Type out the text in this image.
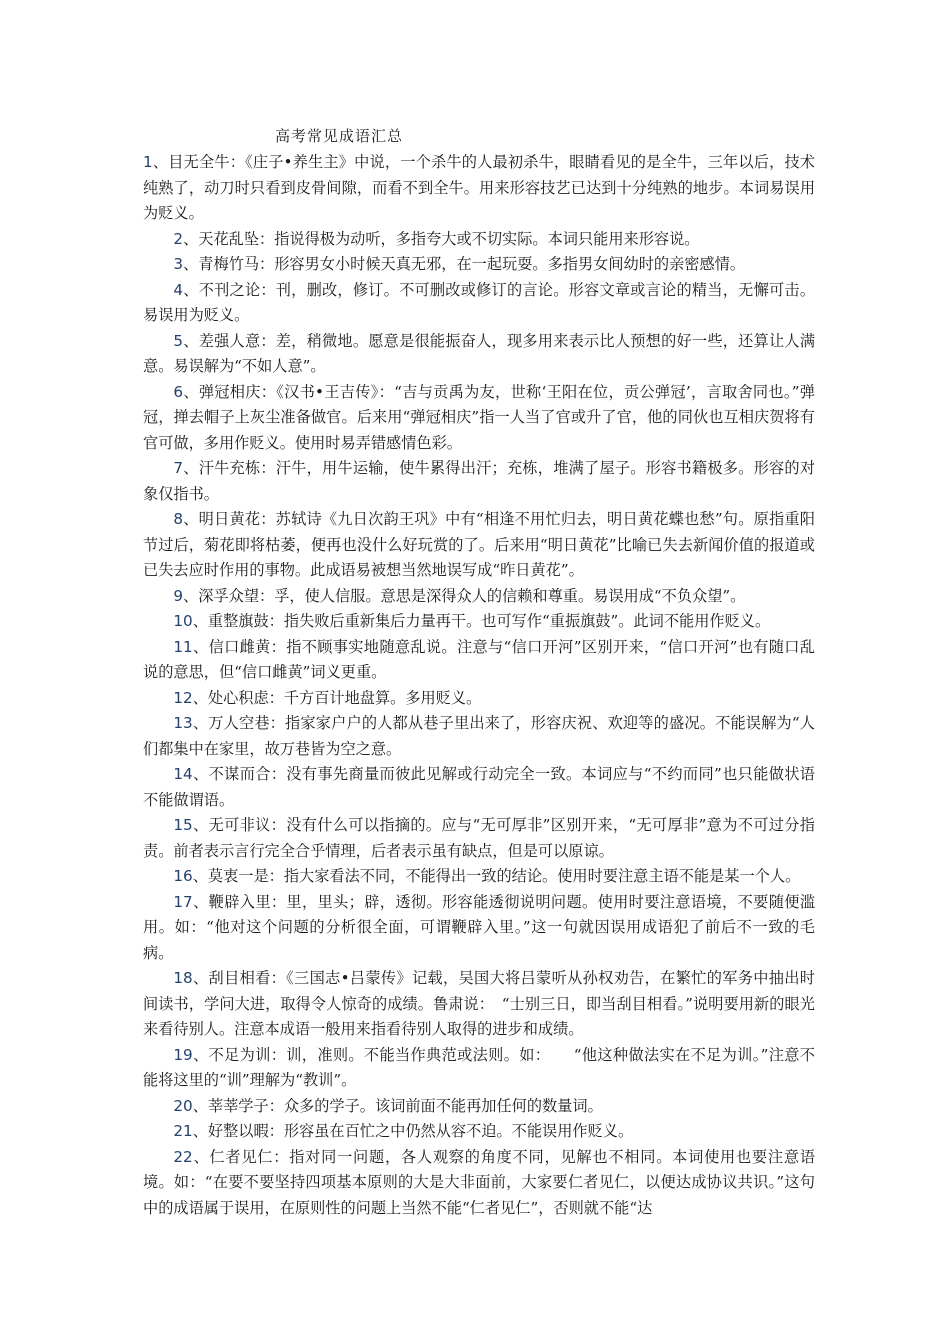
高考常见成语汇总

1、目无全牛：《庄子•养生主》中说，一个杀牛的人最初杀牛，眼睛看见的是全牛，三年以后，技术纯熟了，动刀时只看到皮骨间隙，而看不到全牛。用来形容技艺已达到十分纯熟的地步。本词易误用为贬义。

2、天花乱坠：指说得极为动听，多指夸大或不切实际。本词只能用来形容说。

3、青梅竹马：形容男女小时候天真无邪，在一起玩耍。多指男女间幼时的亲密感情。

4、不刊之论：刊，删改，修订。不可删改或修订的言论。形容文章或言论的精当，无懈可击。易误用为贬义。

5、差强人意：差，稍微地。愿意是很能振奋人，现多用来表示比人预想的好一些，还算让人满意。易误解为“不如人意”。

6、弹冠相庆：《汉书•王吉传》：“吉与贡禹为友，世称‘王阳在位，贡公弹冠’，言取舍同也。”弹冠，掸去帽子上灰尘准备做官。后来用“弹冠相庆”指一人当了官或升了官，他的同伙也互相庆贺将有官可做，多用作贬义。使用时易弄错感情色彩。

7、汗牛充栋：汗牛，用牛运输，使牛累得出汗；充栋，堆满了屋子。形容书籍极多。形容的对象仅指书。

8、明日黄花：苏轼诗《九日次韵王巩》中有“相逢不用忙归去，明日黄花蝶也愁”句。原指重阳节过后，菊花即将枯萎，便再也没什么好玩赏的了。后来用“明日黄花”比喻已失去新闻价值的报道或已失去应时作用的事物。此成语易被想当然地误写成“昨日黄花”。

9、深孚众望：孚，使人信服。意思是深得众人的信赖和尊重。易误用成“不负众望”。

10、重整旗鼓：指失败后重新集后力量再干。也可写作“重振旗鼓”。此词不能用作贬义。

11、信口雌黄：指不顾事实地随意乱说。注意与“信口开河”区别开来，“信口开河”也有随口乱说的意思，但“信口雌黄”词义更重。

12、处心积虑：千方百计地盘算。多用贬义。

13、万人空巷：指家家户户的人都从巷子里出来了，形容庆祝、欢迎等的盛况。不能误解为“人们都集中在家里，故万巷皆为空之意。

14、不谋而合：没有事先商量而彼此见解或行动完全一致。本词应与“不约而同”也只能做状语不能做谓语。

15、无可非议：没有什么可以指摘的。应与“无可厚非”区别开来，“无可厚非”意为不可过分指责。前者表示言行完全合乎情理，后者表示虽有缺点，但是可以原谅。

16、莫衷一是：指大家看法不同，不能得出一致的结论。使用时要注意主语不能是某一个人。

17、鞭辟入里：里，里头；辟，透彻。形容能透彻说明问题。使用时要注意语境，不要随便滥用。如：“他对这个问题的分析很全面，可谓鞭辟入里。”这一句就因误用成语犯了前后不一致的毛病。

18、刮目相看：《三国志•吕蒙传》记载，吴国大将吕蒙听从孙权劝告，在繁忙的军务中抽出时间读书，学问大进，取得令人惊奇的成绩。鲁肃说：　“士别三日，即当刮目相看。”说明要用新的眼光来看待别人。注意本成语一般用来指看待别人取得的进步和成绩。

19、不足为训：训，准则。不能当作典范或法则。如：　　“他这种做法实在不足为训。”注意不能将这里的“训”理解为“教训”。

20、莘莘学子：众多的学子。该词前面不能再加任何的数量词。

21、好整以暇：形容虽在百忙之中仍然从容不迫。不能误用作贬义。

22、仁者见仁：指对同一问题，各人观察的角度不同，见解也不相同。本词使用也要注意语境。如：“在要不要坚持四项基本原则的大是大非面前，大家要仁者见仁，以便达成协议共识。”这句中的成语属于误用，在原则性的问题上当然不能“仁者见仁”，否则就不能“达
